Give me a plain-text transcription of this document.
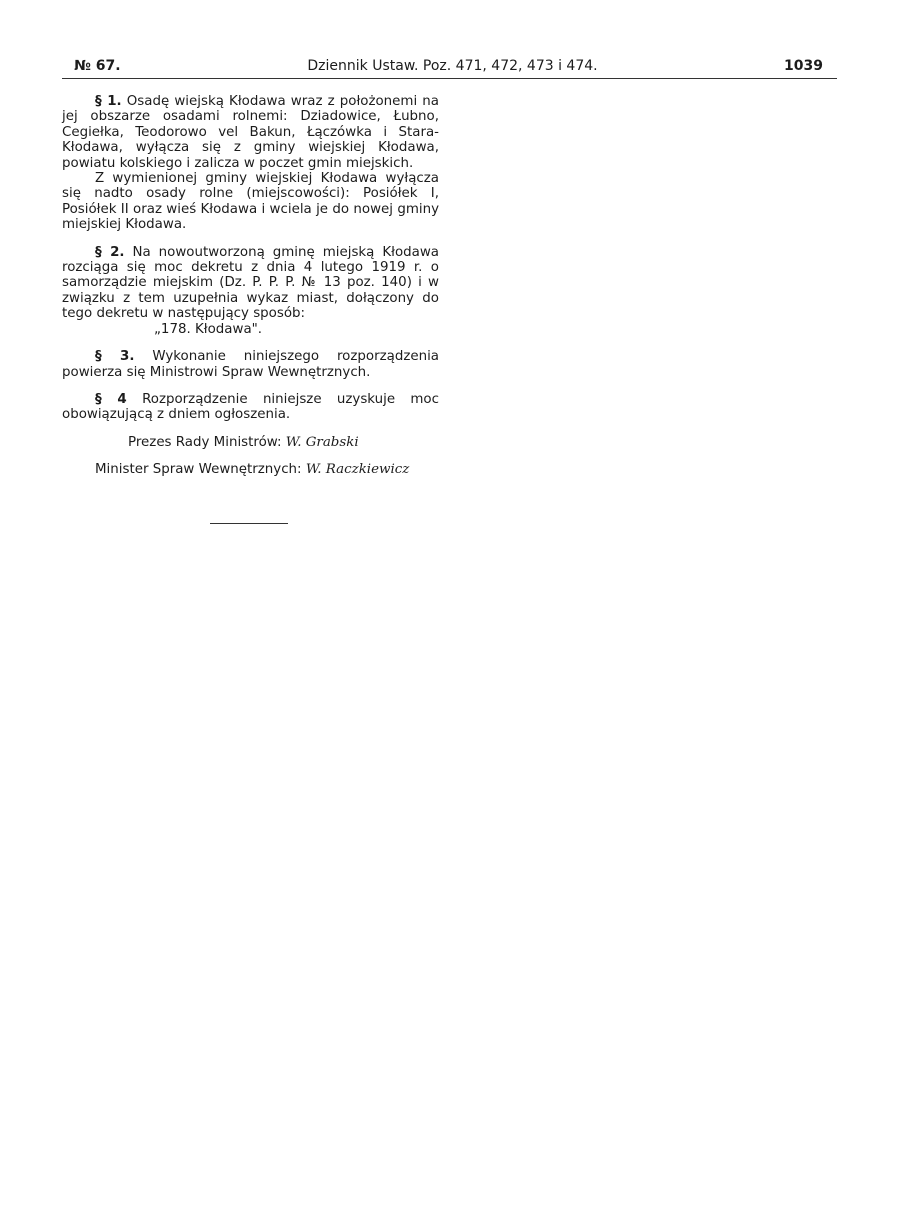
№ 67.	Dziennik Ustaw. Poz. 471, 472, 473 i 474.	1039

§ 1. Osadę wiejską Kłodawa wraz z położonemi na jej obszarze osadami rolnemi: Dziadowice, Łubno, Cegiełka, Teodorowo vel Bakun, Łączówka i Stara-Kłodawa, wyłącza się z gminy wiejskiej Kłodawa, powiatu kolskiego i zalicza w poczet gmin miejskich.

Z wymienionej gminy wiejskiej Kłodawa wyłącza się nadto osady rolne (miejscowości): Posiółek I, Posiółek II oraz wieś Kłodawa i wciela je do nowej gminy miejskiej Kłodawa.

§ 2. Na nowoutworzoną gminę miejską Kłodawa rozciąga się moc dekretu z dnia 4 lutego 1919 r. o samorządzie miejskim (Dz. P. P. P. № 13 poz. 140) i w związku z tem uzupełnia wykaz miast, dołączony do tego dekretu w następujący sposób:

„178. Kłodawa".

§ 3. Wykonanie niniejszego rozporządzenia powierza się Ministrowi Spraw Wewnętrznych.

§ 4 Rozporządzenie niniejsze uzyskuje moc obowiązującą z dniem ogłoszenia.

Prezes Rady Ministrów: W. Grabski

Minister Spraw Wewnętrznych: W. Raczkiewicz
